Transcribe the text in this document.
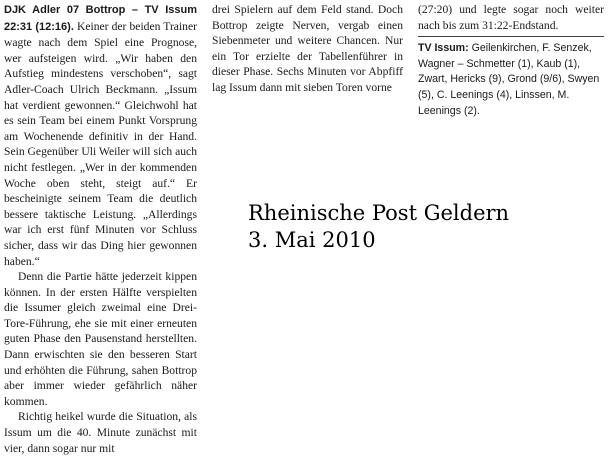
DJK Adler 07 Bottrop – TV Issum 22:31 (12:16). Keiner der beiden Trainer wagte nach dem Spiel eine Prognose, wer aufsteigen wird. „Wir haben den Aufstieg mindestens verschoben“, sagt Adler-Coach Ulrich Beckmann. „Issum hat verdient gewonnen.“ Gleichwohl hat es sein Team bei einem Punkt Vorsprung am Wochenende definitiv in der Hand. Sein Gegenüber Uli Weiler will sich auch nicht festlegen. „Wer in der kommenden Woche oben steht, steigt auf.“ Er bescheinigte seinem Team die deutlich bessere taktische Leistung. „Allerdings war ich erst fünf Minuten vor Schluss sicher, dass wir das Ding hier gewonnen haben.“

Denn die Partie hätte jederzeit kippen können. In der ersten Hälfte verspielten die Issumer gleich zweimal eine Drei-Tore-Führung, ehe sie mit einer erneuten guten Phase den Pausenstand herstellten. Dann erwischten sie den besseren Start und erhöhten die Führung, sahen Bottrop aber immer wieder gefährlich näher kommen.

Richtig heikel wurde die Situation, als Issum um die 40. Minute zunächst mit vier, dann sogar nur mit

drei Spielern auf dem Feld stand. Doch Bottrop zeigte Nerven, vergab einen Siebenmeter und weitere Chancen. Nur ein Tor erzielte der Tabellenführer in dieser Phase. Sechs Minuten vor Abpfiff lag Issum dann mit sieben Toren vorne

(27:20) und legte sogar noch weiter nach bis zum 31:22-Endstand.

TV Issum: Geilenkirchen, F. Senzek, Wagner – Schmetter (1), Kaub (1), Zwart, Hericks (9), Grond (9/6), Swyen (5), C. Leenings (4), Linssen, M. Leenings (2).

Rheinische Post Geldern
3. Mai 2010
